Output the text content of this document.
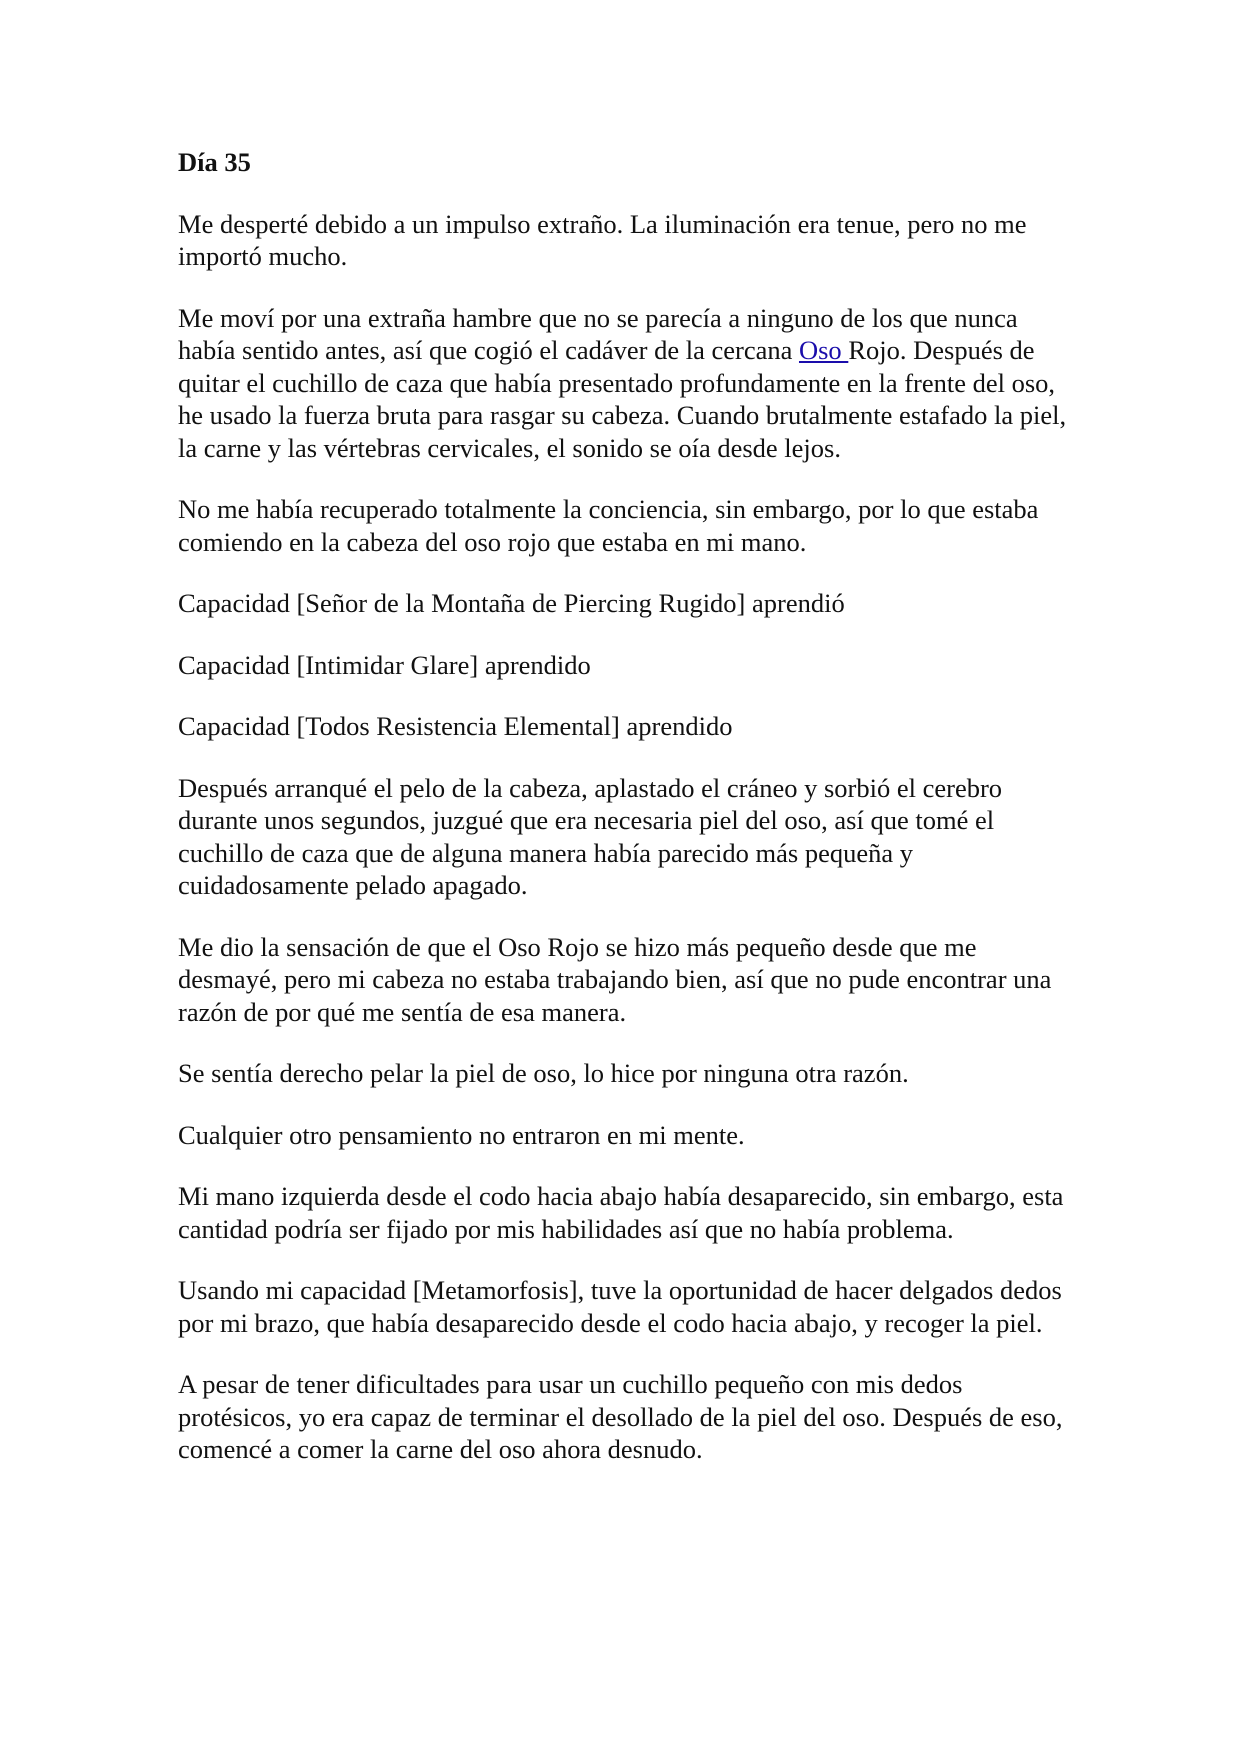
Día 35

Me desperté debido a un impulso extraño. La iluminación era tenue, pero no me importó mucho.

Me moví por una extraña hambre que no se parecía a ninguno de los que nunca había sentido antes, así que cogió el cadáver de la cercana Oso Rojo. Después de quitar el cuchillo de caza que había presentado profundamente en la frente del oso, he usado la fuerza bruta para rasgar su cabeza. Cuando brutalmente estafado la piel, la carne y las vértebras cervicales, el sonido se oía desde lejos.

No me había recuperado totalmente la conciencia, sin embargo, por lo que estaba comiendo en la cabeza del oso rojo que estaba en mi mano.

Capacidad [Señor de la Montaña de Piercing Rugido] aprendió

Capacidad [Intimidar Glare] aprendido

Capacidad [Todos Resistencia Elemental] aprendido

Después arranqué el pelo de la cabeza, aplastado el cráneo y sorbió el cerebro durante unos segundos, juzgué que era necesaria piel del oso, así que tomé el cuchillo de caza que de alguna manera había parecido más pequeña y cuidadosamente pelado apagado.

Me dio la sensación de que el Oso Rojo se hizo más pequeño desde que me desmayé, pero mi cabeza no estaba trabajando bien, así que no pude encontrar una razón de por qué me sentía de esa manera.

Se sentía derecho pelar la piel de oso, lo hice por ninguna otra razón.

Cualquier otro pensamiento no entraron en mi mente.

Mi mano izquierda desde el codo hacia abajo había desaparecido, sin embargo, esta cantidad podría ser fijado por mis habilidades así que no había problema.

Usando mi capacidad [Metamorfosis], tuve la oportunidad de hacer delgados dedos por mi brazo, que había desaparecido desde el codo hacia abajo, y recoger la piel.

A pesar de tener dificultades para usar un cuchillo pequeño con mis dedos protésicos, yo era capaz de terminar el desollado de la piel del oso. Después de eso, comencé a comer la carne del oso ahora desnudo.
